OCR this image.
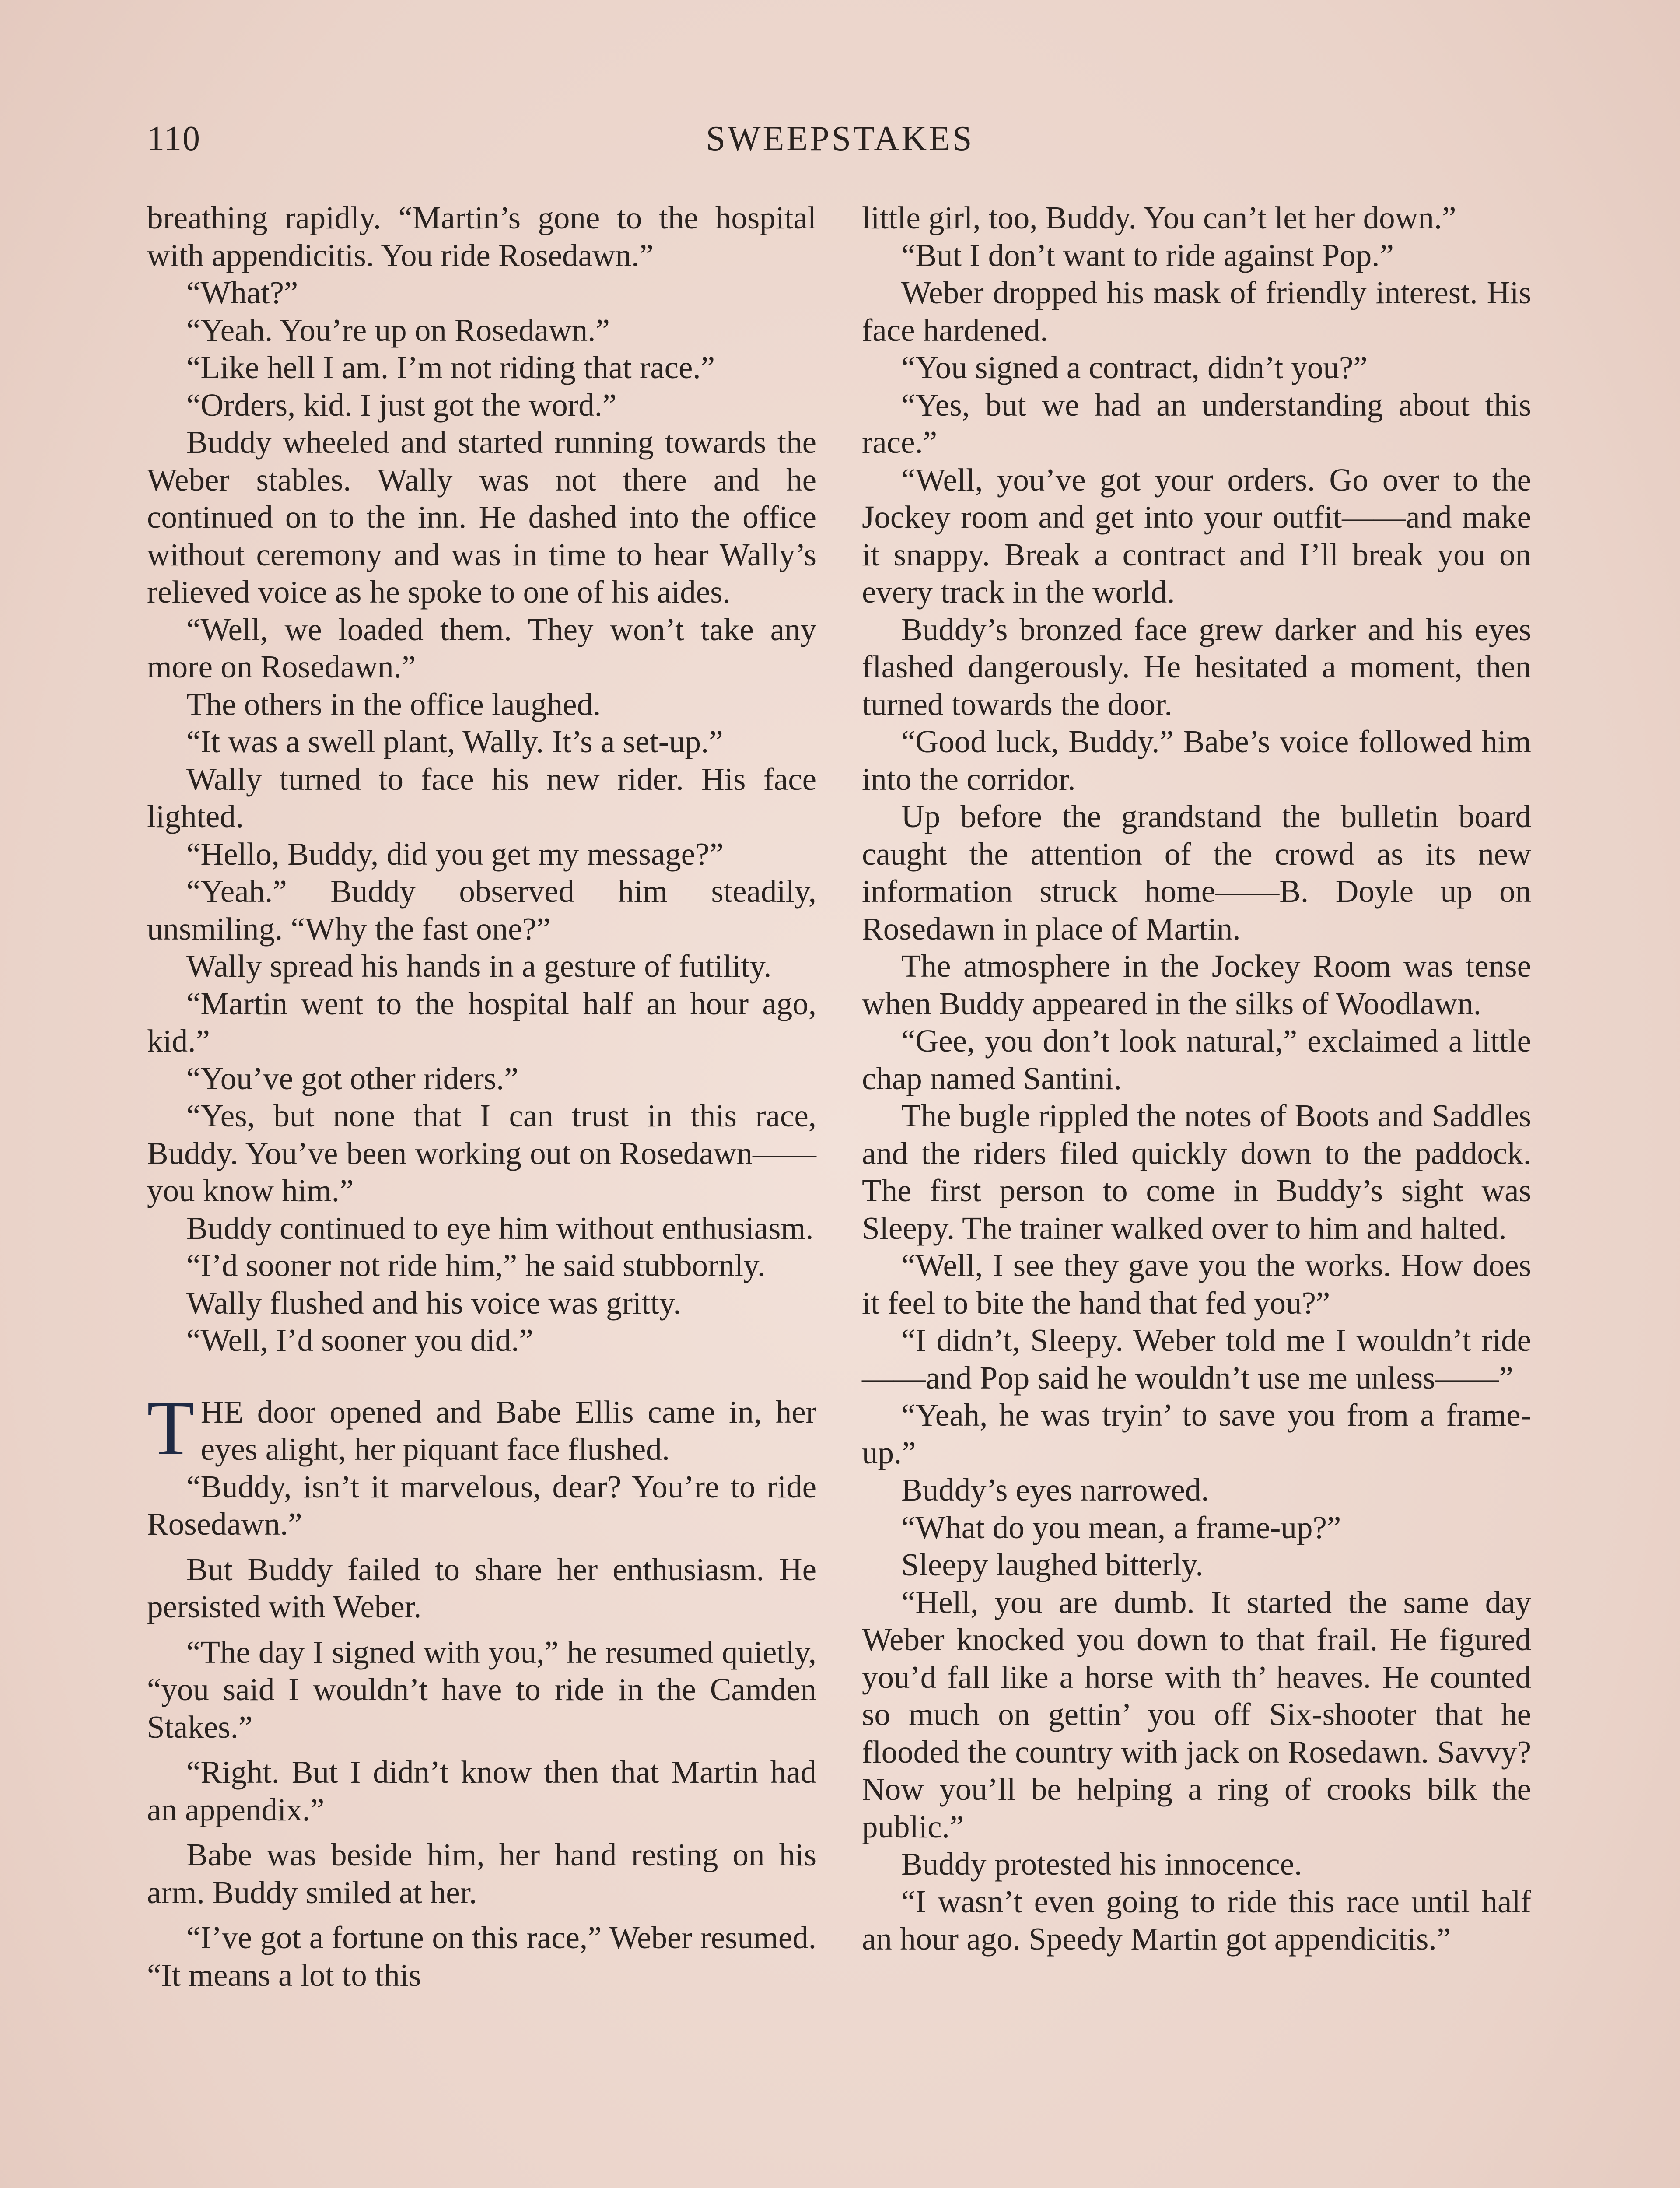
110	SWEEPSTAKES

breathing rapidly. “Martin’s gone to the hospital with appendicitis. You ride Rosedawn.”

“What?”

“Yeah. You’re up on Rosedawn.”

“Like hell I am. I’m not riding that race.”

“Orders, kid. I just got the word.”

Buddy wheeled and started running towards the Weber stables. Wally was not there and he continued on to the inn. He dashed into the office without ceremony and was in time to hear Wally’s relieved voice as he spoke to one of his aides.

“Well, we loaded them. They won’t take any more on Rosedawn.”

The others in the office laughed.

“It was a swell plant, Wally. It’s a set-up.”

Wally turned to face his new rider. His face lighted.

“Hello, Buddy, did you get my message?”

“Yeah.” Buddy observed him steadily, unsmiling. “Why the fast one?”

Wally spread his hands in a gesture of futility.

“Martin went to the hospital half an hour ago, kid.”

“You’ve got other riders.”

“Yes, but none that I can trust in this race, Buddy. You’ve been working out on Rosedawn——you know him.”

Buddy continued to eye him without enthusiasm.

“I’d sooner not ride him,” he said stubbornly.

Wally flushed and his voice was gritty.

“Well, I’d sooner you did.”

T HE door opened and Babe Ellis came in, her eyes alight, her piquant face flushed.

“Buddy, isn’t it marvelous, dear? You’re to ride Rosedawn.”

But Buddy failed to share her enthusiasm. He persisted with Weber.

“The day I signed with you,” he resumed quietly, “you said I wouldn’t have to ride in the Camden Stakes.”

“Right. But I didn’t know then that Martin had an appendix.”

Babe was beside him, her hand resting on his arm. Buddy smiled at her.

“I’ve got a fortune on this race,” Weber resumed. “It means a lot to this

little girl, too, Buddy. You can’t let her down.”

“But I don’t want to ride against Pop.”

Weber dropped his mask of friendly interest. His face hardened.

“You signed a contract, didn’t you?”

“Yes, but we had an understanding about this race.”

“Well, you’ve got your orders. Go over to the Jockey room and get into your outfit——and make it snappy. Break a contract and I’ll break you on every track in the world.

Buddy’s bronzed face grew darker and his eyes flashed dangerously. He hesitated a moment, then turned towards the door.

“Good luck, Buddy.” Babe’s voice followed him into the corridor.

Up before the grandstand the bulletin board caught the attention of the crowd as its new information struck home——B. Doyle up on Rosedawn in place of Martin.

The atmosphere in the Jockey Room was tense when Buddy appeared in the silks of Woodlawn.

“Gee, you don’t look natural,” exclaimed a little chap named Santini.

The bugle rippled the notes of Boots and Saddles and the riders filed quickly down to the paddock. The first person to come in Buddy’s sight was Sleepy. The trainer walked over to him and halted.

“Well, I see they gave you the works. How does it feel to bite the hand that fed you?”

“I didn’t, Sleepy. Weber told me I wouldn’t ride——and Pop said he wouldn’t use me unless——”

“Yeah, he was tryin’ to save you from a frame-up.”

Buddy’s eyes narrowed.

“What do you mean, a frame-up?”

Sleepy laughed bitterly.

“Hell, you are dumb. It started the same day Weber knocked you down to that frail. He figured you’d fall like a horse with th’ heaves. He counted so much on gettin’ you off Six-shooter that he flooded the country with jack on Rosedawn. Savvy? Now you’ll be helping a ring of crooks bilk the public.”

Buddy protested his innocence.

“I wasn’t even going to ride this race until half an hour ago. Speedy Martin got appendicitis.”
